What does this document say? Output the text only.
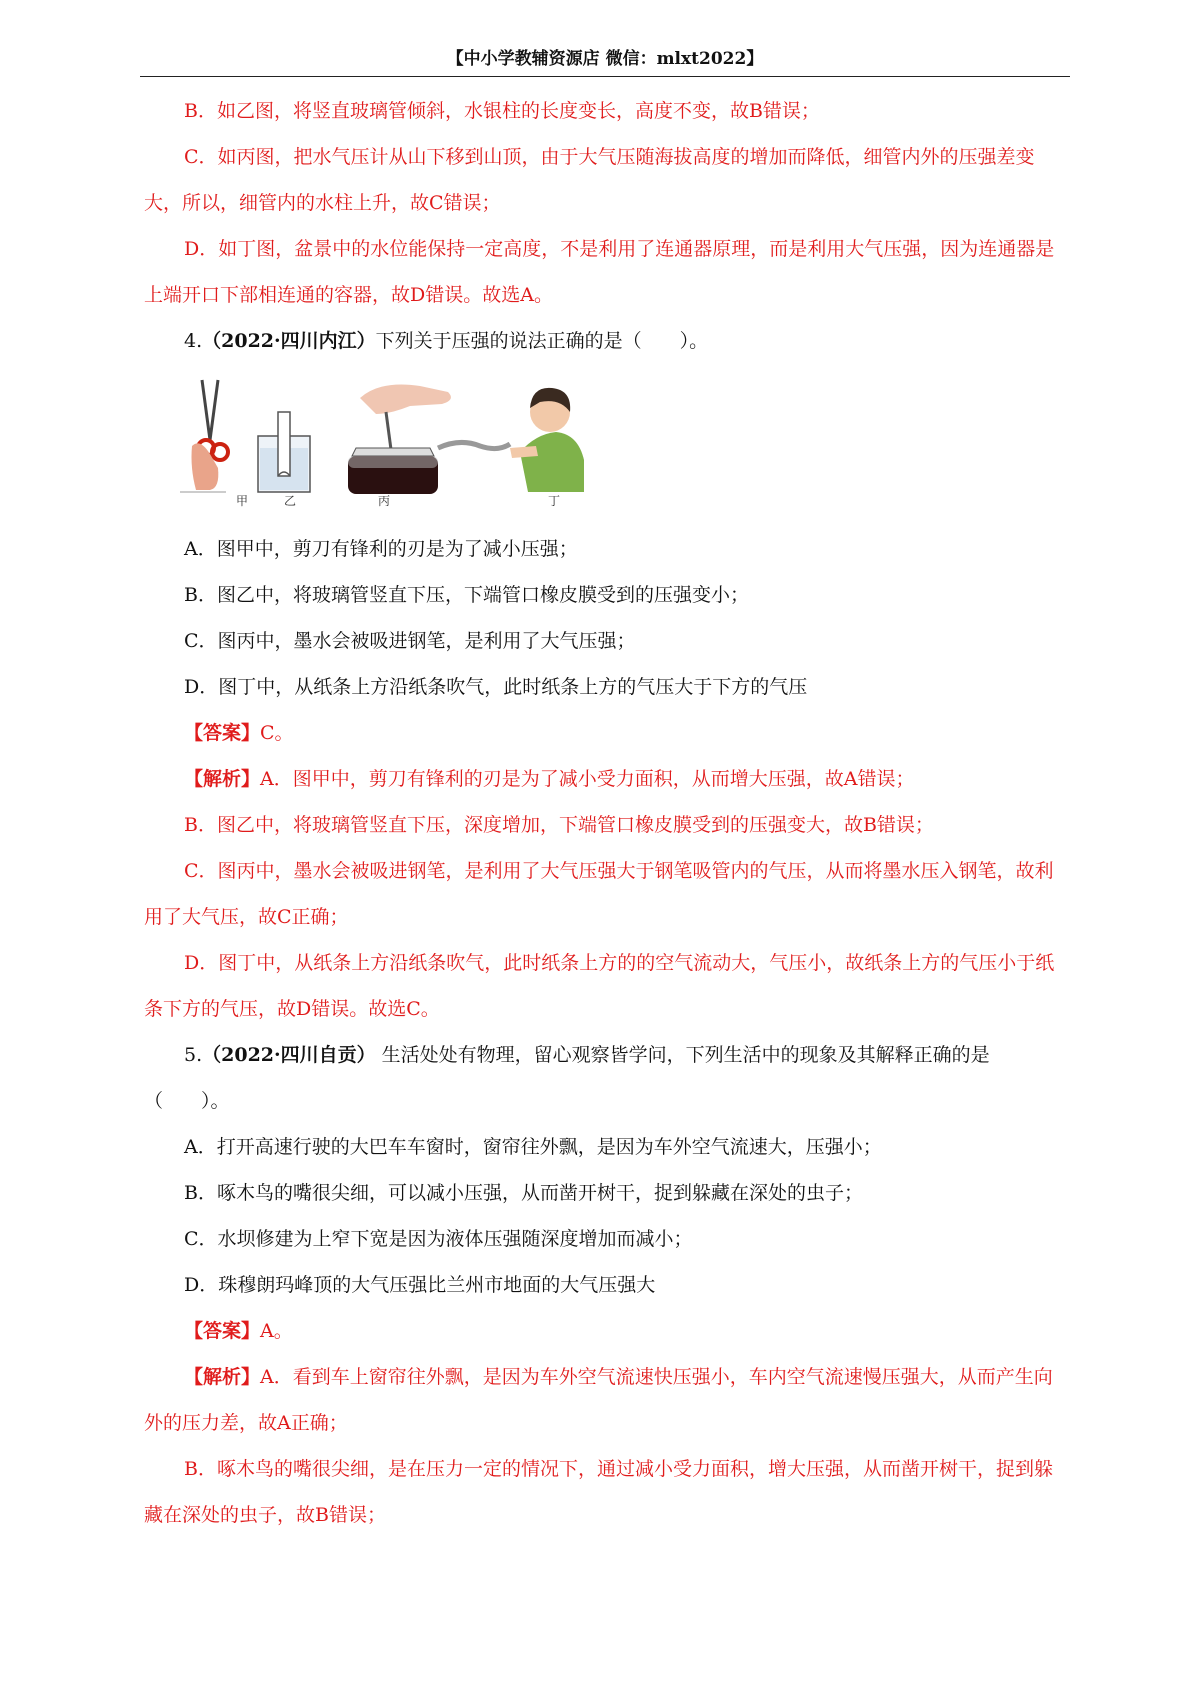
【中小学教辅资源店 微信：mlxt2022】

B．如乙图，将竖直玻璃管倾斜，水银柱的长度变长，高度不变，故B错误；

C．如丙图，把水气压计从山下移到山顶，由于大气压随海拔高度的增加而降低，细管内外的压强差变大，所以，细管内的水柱上升，故C错误；

D．如丁图，盆景中的水位能保持一定高度，不是利用了连通器原理，而是利用大气压强，因为连通器是上端开口下部相连通的容器，故D错误。故选A。

4.（2022·四川内江）下列关于压强的说法正确的是（　　）。

甲	乙	丙	丁

A．图甲中，剪刀有锋利的刃是为了减小压强；

B．图乙中，将玻璃管竖直下压，下端管口橡皮膜受到的压强变小；

C．图丙中，墨水会被吸进钢笔，是利用了大气压强；

D．图丁中，从纸条上方沿纸条吹气，此时纸条上方的气压大于下方的气压

【答案】C。

【解析】A．图甲中，剪刀有锋利的刃是为了减小受力面积，从而增大压强，故A错误；

B．图乙中，将玻璃管竖直下压，深度增加，下端管口橡皮膜受到的压强变大，故B错误；

C．图丙中，墨水会被吸进钢笔，是利用了大气压强大于钢笔吸管内的气压，从而将墨水压入钢笔，故利用了大气压，故C正确；

D．图丁中，从纸条上方沿纸条吹气，此时纸条上方的的空气流动大，气压小，故纸条上方的气压小于纸条下方的气压，故D错误。故选C。

5.（2022·四川自贡） 生活处处有物理，留心观察皆学问，下列生活中的现象及其解释正确的是（　　）。

A．打开高速行驶的大巴车车窗时，窗帘往外飘，是因为车外空气流速大，压强小；

B．啄木鸟的嘴很尖细，可以减小压强，从而凿开树干，捉到躲藏在深处的虫子；

C．水坝修建为上窄下宽是因为液体压强随深度增加而减小；

D．珠穆朗玛峰顶的大气压强比兰州市地面的大气压强大

【答案】A。

【解析】A．看到车上窗帘往外飘，是因为车外空气流速快压强小，车内空气流速慢压强大，从而产生向外的压力差，故A正确；

B．啄木鸟的嘴很尖细，是在压力一定的情况下，通过减小受力面积，增大压强，从而凿开树干，捉到躲藏在深处的虫子，故B错误；
